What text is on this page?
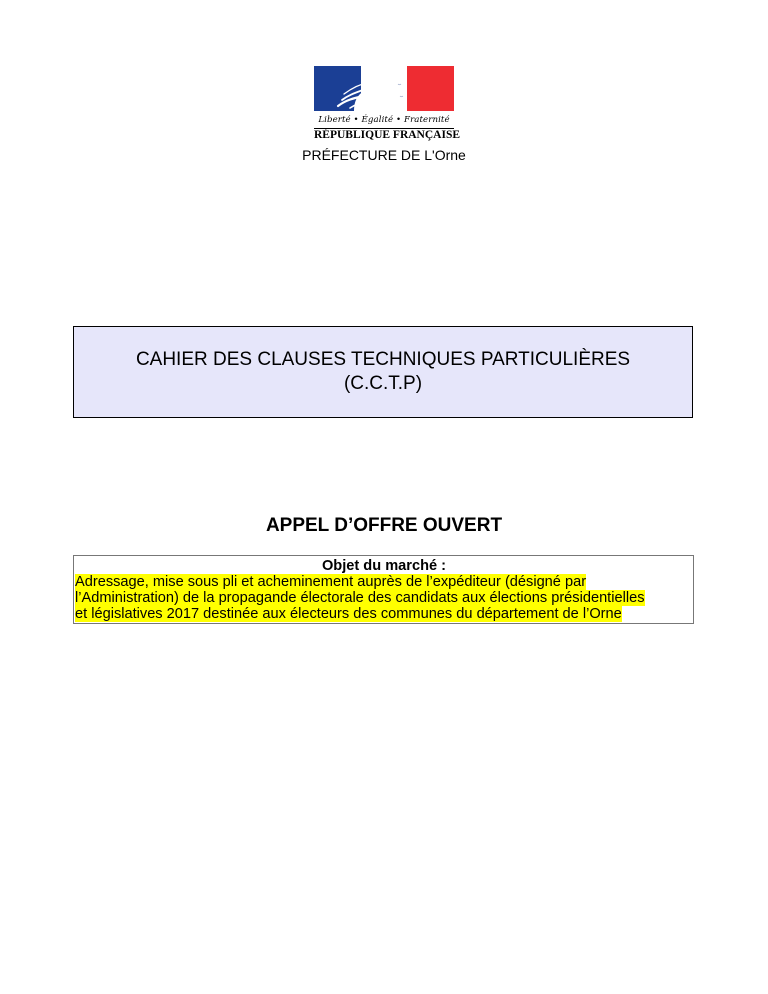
Liberté • Égalité • Fraternité
RÉPUBLIQUE FRANÇAISE
PRÉFECTURE DE L'Orne
CAHIER DES CLAUSES TECHNIQUES PARTICULIÈRES
(C.C.T.P)
APPEL D’OFFRE OUVERT
Objet du marché :
Adressage, mise sous pli et acheminement auprès de l’expéditeur (désigné par
l’Administration) de la propagande électorale des candidats aux élections présidentielles
et législatives 2017 destinée aux électeurs des communes du département de l’Orne
